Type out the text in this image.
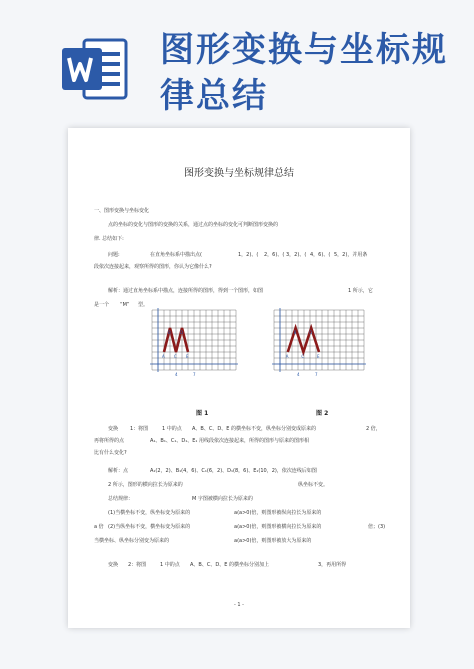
图形变换与坐标规
律总结
图形变换与坐标规律总结
一、图形变换与坐标变化
点的坐标的变化与图形的变换的关系，通过点的坐标的变化可判断图形变换的
律. 总结如下:
问题:	在直角坐标系中描出点(	1，2)、( 2，6)、( 3，2)、( 4，6)、( 5，2)，并用条
段依次连接起来，观察所得的图形，你认为它像什么?
解析：通过直角坐标系中描点，连接所得的图形，得到一个图形，如图	1 所示，它
是一个 “M” 型。
A
B
C
D
E
4	7
A
B
C
D
E
4	7
图 1	图 2
变换 1：将图	1 中的点 A、B、C、D、E 的横坐标不变，纵坐标分别变成原来的	2 倍，
再将所得的点	A₁、B₁、C₁、D₁、E₁ 用线段依次连接起来，所得的图形与原来的图形相
比有什么变化?
解析：点	A₁(2，2)、B₁(4，6)、C₁(6，2)、D₁(8，6)、E₁(10，2)，依次连线后如图
2 所示，图形的横向拉长为原来的	纵坐标不变。
总结规律：	M 字图被横向拉长为原来的
(1)当横坐标不变，纵坐标变为原来的	a(a>0)倍，则图形被纵向拉长为原来的
a 倍 (2)当纵坐标不变，横坐标变为原来的	a(a>0)倍，则图形被横向拉长为原来的	倍；(3)
当横坐标、纵坐标分别变为原来的	a(a>0)倍，则图形被放大为原来的
变换 2：将图	1 中的点 A、B、C、D、E 的横坐标分别加上	3，再用所得
- 1 -
